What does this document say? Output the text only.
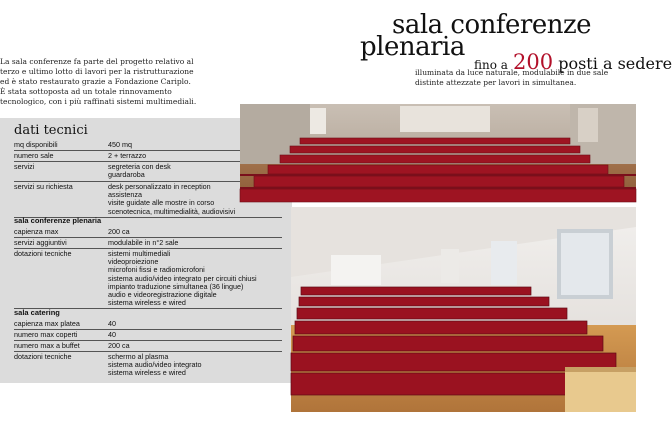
sala conferenze
plenaria
fino a 200 posti a sedere
illuminata da luce naturale, modulabile in due sale
distinte attezzate per lavori in simultanea.
La sala conferenze fa parte del progetto relativo al
terzo e ultimo lotto di lavori per la ristrutturazione
ed è stato restaurato grazie a Fondazione Cariplo.
È stata sottoposta ad un totale rinnovamento
tecnologico, con i più raffinati sistemi multimediali.
dati tecnici
mq disponibili	450 mq
numero sale	2 + terrazzo
servizi	segreteria con desk
guardaroba
servizi su richiesta	desk personalizzato in reception
assistenza
visite guidate alle mostre in corso
scenotecnica, multimedialità, audiovisivi
sala conferenze plenaria
capienza max	200 ca
servizi aggiuntivi	modulabile in n°2 sale
dotazioni tecniche	sistemi multimediali
videoproiezione
microfoni fissi e radiomicrofoni
sistema audio/video integrato per circuiti chiusi
impianto traduzione simultanea (36 lingue)
audio e videoregistrazione digitale
sistema wireless e wired
sala catering
capienza max platea	40
numero max coperti	40
numero max a buffet	200 ca
dotazioni tecniche	schermo al plasma
sistema audio/video integrato
sistema wireless e wired
